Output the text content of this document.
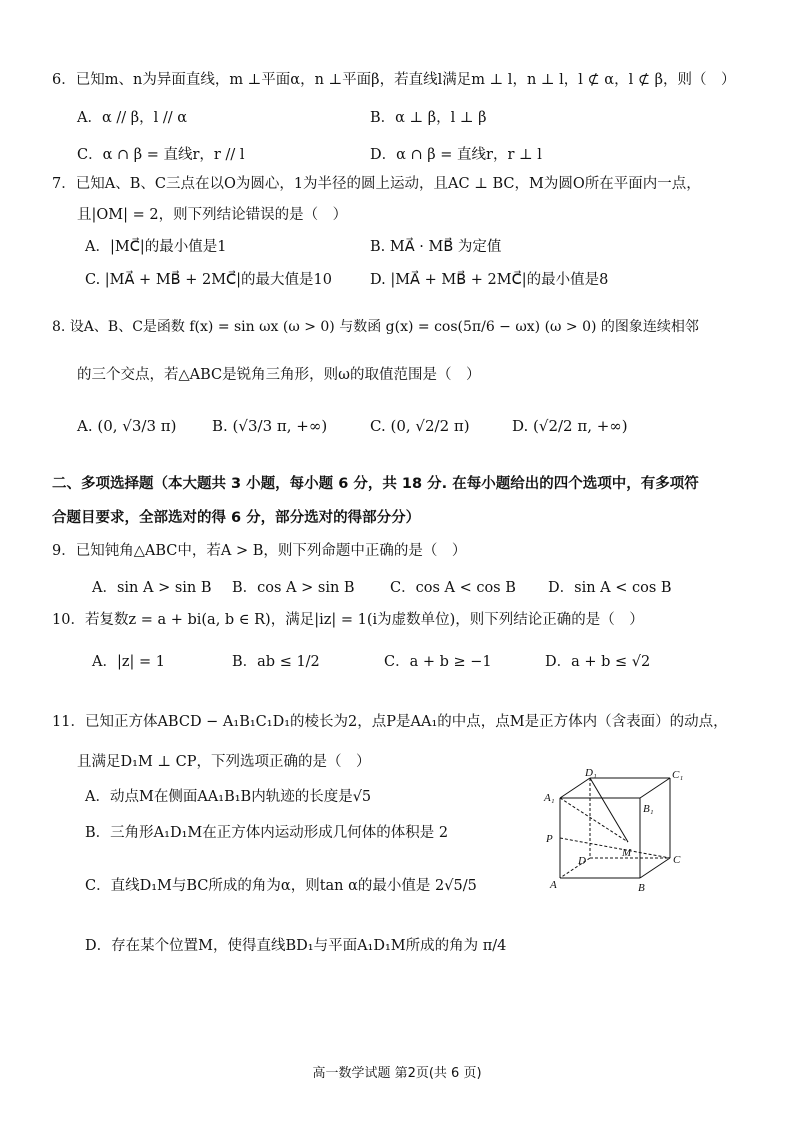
6．已知m、n为异面直线，m ⊥平面α，n ⊥平面β，若直线l满足m ⊥ l，n ⊥ l，l ⊄ α，l ⊄ β，则（　）
A．α // β，l // α	B．α ⊥ β，l ⊥ β
C．α ∩ β = 直线r，r // l	D．α ∩ β = 直线r，r ⊥ l
7．已知A、B、C三点在以O为圆心，1为半径的圆上运动，且AC ⊥ BC，M为圆O所在平面内一点，
且|OM| = 2，则下列结论错误的是（　）
A．|MC⃗|的最小值是1	B. MA⃗ · MB⃗ 为定值
C. |MA⃗ + MB⃗ + 2MC⃗|的最大值是10	D. |MA⃗ + MB⃗ + 2MC⃗|的最小值是8
8. 设A、B、C是函数 f(x) = sin ωx (ω > 0) 与数函 g(x) = cos(5π/6 − ωx) (ω > 0) 的图象连续相邻
的三个交点，若△ABC是锐角三角形，则ω的取值范围是（　）
A. (0, √3/3 π) B. (√3/3 π, +∞)	C. (0, √2/2 π)	D. (√2/2 π, +∞)
二、多项选择题（本大题共 3 小题，每小题 6 分，共 18 分. 在每小题给出的四个选项中，有多项符
合题目要求，全部选对的得 6 分，部分选对的得部分分）
9．已知钝角△ABC中，若A > B，则下列命题中正确的是（　）
A．sin A > sin B B．cos A > sin B C．cos A < cos B D．sin A < cos B
10．若复数z = a + bi(a, b ∈ R)，满足|iz| = 1(i为虚数单位)，则下列结论正确的是（　）
A．|z| = 1	B．ab ≤ 1/2	C．a + b ≥ −1	D．a + b ≤ √2
11．已知正方体ABCD − A₁B₁C₁D₁的棱长为2，点P是AA₁的中点，点M是正方体内（含表面）的动点，
且满足D₁M ⊥ CP，下列选项正确的是（　）
A．动点M在侧面AA₁B₁B内轨迹的长度是√5
B．三角形A₁D₁M在正方体内运动形成几何体的体积是 2
C．直线D₁M与BC所成的角为α，则tan α的最小值是 2√5/5
D．存在某个位置M，使得直线BD₁与平面A₁D₁M所成的角为 π/4
D₁	C₁
A₁
B₁
M
P
D	C
A	B
高一数学试题 第2页(共 6 页)
